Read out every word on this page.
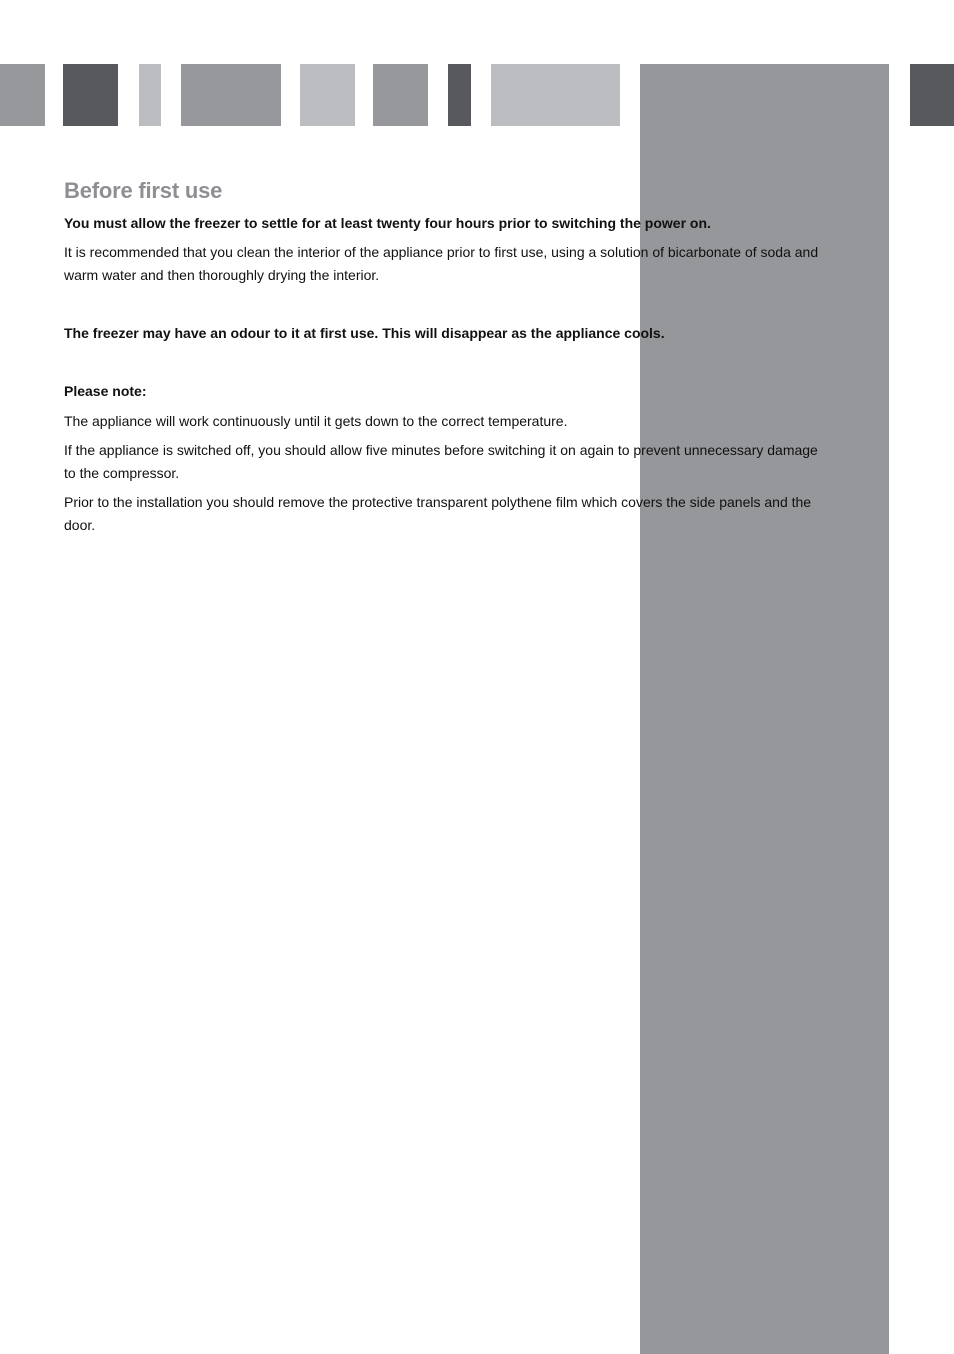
Before first use

You must allow the freezer to settle for at least twenty four hours prior to switching the power on.

It is recommended that you clean the interior of the appliance prior to first use, using a solution of bicarbonate of soda and warm water and then thoroughly drying the interior.

The freezer may have an odour to it at first use. This will disappear as the appliance cools.

Please note:

The appliance will work continuously until it gets down to the correct temperature.

If the appliance is switched off, you should allow five minutes before switching it on again to prevent unnecessary damage to the compressor.

Prior to the installation you should remove the protective transparent polythene film which covers the side panels and the door.
